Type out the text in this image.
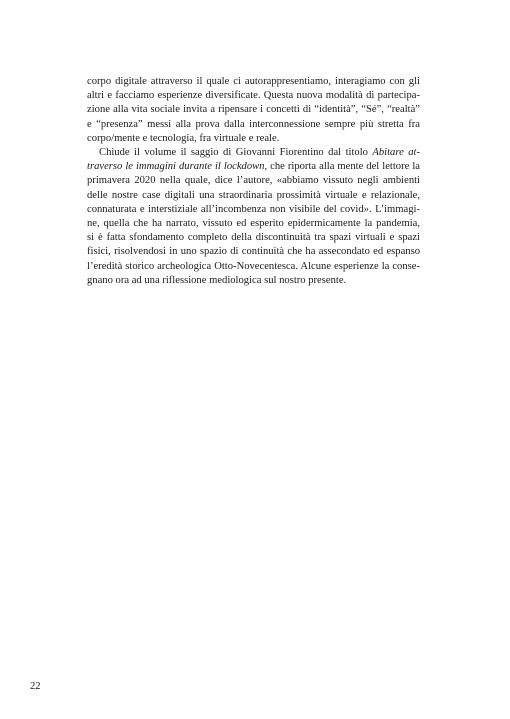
corpo digitale attraverso il quale ci autorappresentiamo, interagiamo con gli
altri e facciamo esperienze diversificate. Questa nuova modalità di partecipa-
zione alla vita sociale invita a ripensare i concetti di “identità”, “Sé”, “realtà”
e “presenza” messi alla prova dalla interconnessione sempre più stretta fra
corpo/mente e tecnologia, fra virtuale e reale.
Chiude il volume il saggio di Giovanni Fiorentino dal titolo Abitare at-
traverso le immagini durante il lockdown, che riporta alla mente del lettore la
primavera 2020 nella quale, dice l’autore, «abbiamo vissuto negli ambienti
delle nostre case digitali una straordinaria prossimità virtuale e relazionale,
connaturata e interstiziale all’incombenza non visibile del covid». L’immagi-
ne, quella che ha narrato, vissuto ed esperito epidermicamente la pandemia,
si è fatta sfondamento completo della discontinuità tra spazi virtuali e spazi
fisici, risolvendosi in uno spazio di continuità che ha assecondato ed espanso
l’eredità storico archeologica Otto-Novecentesca. Alcune esperienze la conse-
gnano ora ad una riflessione mediologica sul nostro presente.
22
